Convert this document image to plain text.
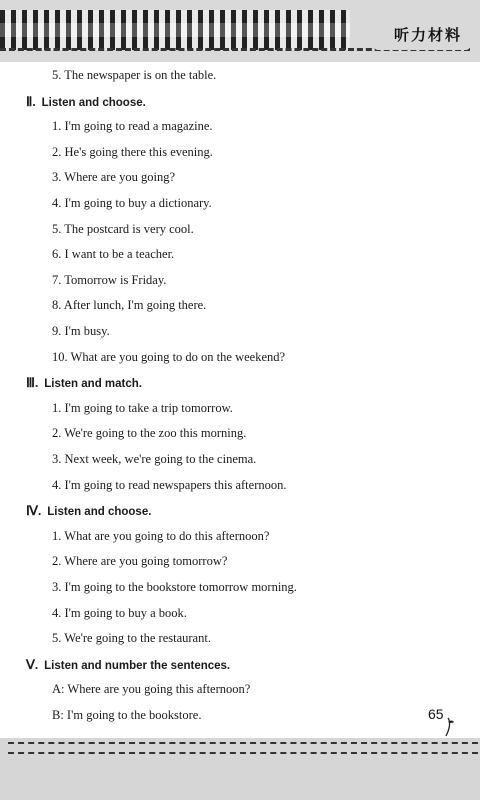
听力材料
5. The newspaper is on the table.
Ⅱ. Listen and choose.
1. I'm going to read a magazine.
2. He's going there this evening.
3. Where are you going?
4. I'm going to buy a dictionary.
5. The postcard is very cool.
6. I want to be a teacher.
7. Tomorrow is Friday.
8. After lunch, I'm going there.
9. I'm busy.
10. What are you going to do on the weekend?
Ⅲ. Listen and match.
1. I'm going to take a trip tomorrow.
2. We're going to the zoo this morning.
3. Next week, we're going to the cinema.
4. I'm going to read newspapers this afternoon.
Ⅳ. Listen and choose.
1. What are you going to do this afternoon?
2. Where are you going tomorrow?
3. I'm going to the bookstore tomorrow morning.
4. I'm going to buy a book.
5. We're going to the restaurant.
Ⅴ. Listen and number the sentences.
A: Where are you going this afternoon?
B: I'm going to the bookstore.	65
